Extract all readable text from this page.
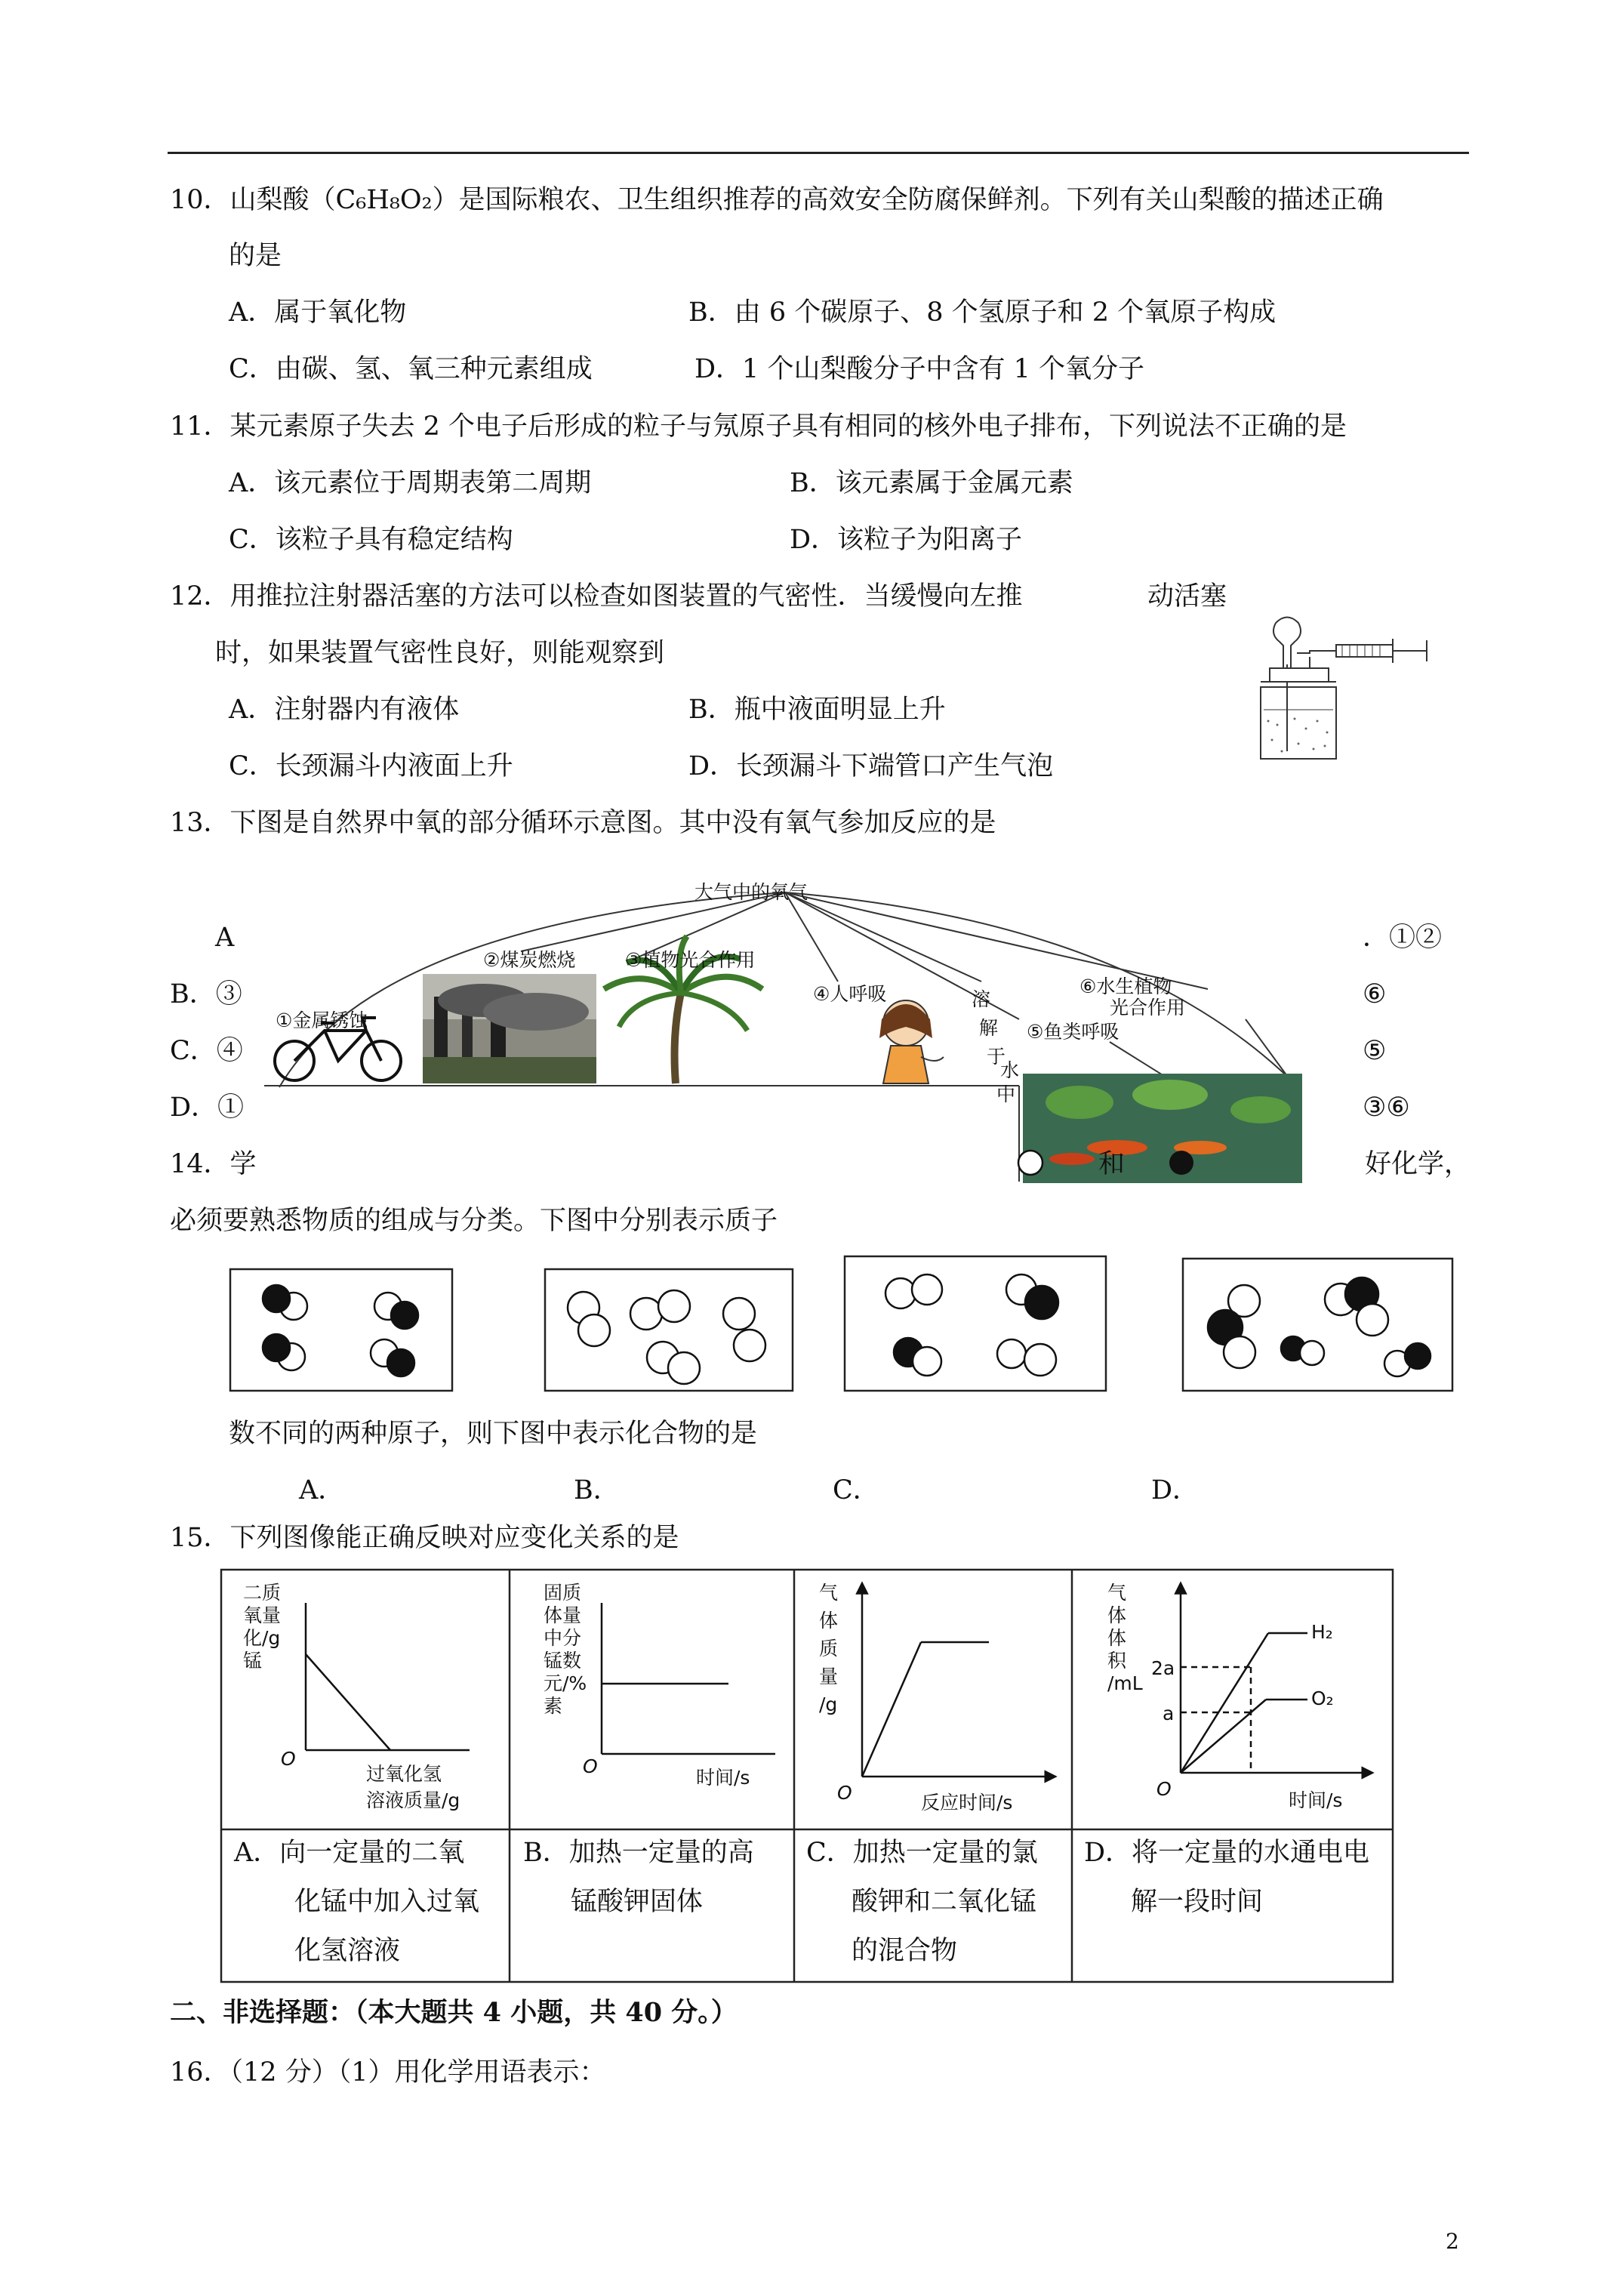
10．山梨酸（C₆H₈O₂）是国际粮农、卫生组织推荐的高效安全防腐保鲜剂。下列有关山梨酸的描述正确
的是
A．属于氧化物	B．由 6 个碳原子、8 个氢原子和 2 个氧原子构成
C．由碳、氢、氧三种元素组成	D．1 个山梨酸分子中含有 1 个氧分子
11．某元素原子失去 2 个电子后形成的粒子与氖原子具有相同的核外电子排布，下列说法不正确的是
A．该元素位于周期表第二周期	B．该元素属于金属元素
C．该粒子具有稳定结构	D．该粒子为阳离子
12．用推拉注射器活塞的方法可以检查如图装置的气密性．当缓慢向左推	动活塞
时，如果装置气密性良好，则能观察到
A．注射器内有液体	B．瓶中液面明显上升
C．长颈漏斗内液面上升	D．长颈漏斗下端管口产生气泡
13．下图是自然界中氧的部分循环示意图。其中没有氧气参加反应的是
A	．①②
B．③	⑥
C．④	⑤
D．①	③⑥
大气中的氧气
①金属锈蚀
②煤炭燃烧	③植物光合作用
④人呼吸
⑤鱼类呼吸
⑥水生植物
光合作用
溶
解
于
水
中
14．学	和	好化学，
必须要熟悉物质的组成与分类。下图中分别表示质子
数不同的两种原子，则下图中表示化合物的是
A．	B．	C．	D．
15．下列图像能正确反映对应变化关系的是
二质
氧量
化/g
锰
O
过氧化氢
溶液质量/g
固质
体量
中分
锰数
元/%
素
O
时间/s
气
体
质
量
/g
O	反应时间/s
气
体
体
积
/mL
2a
a
H₂
O₂
O
时间/s
A．向一定量的二氧
化锰中加入过氧
化氢溶液
B．加热一定量的高
锰酸钾固体
C．加热一定量的氯
酸钾和二氧化锰
的混合物
D．将一定量的水通电电
解一段时间
二、非选择题：（本大题共 4 小题，共 40 分。）
16．（12 分）（1）用化学用语表示：
2
